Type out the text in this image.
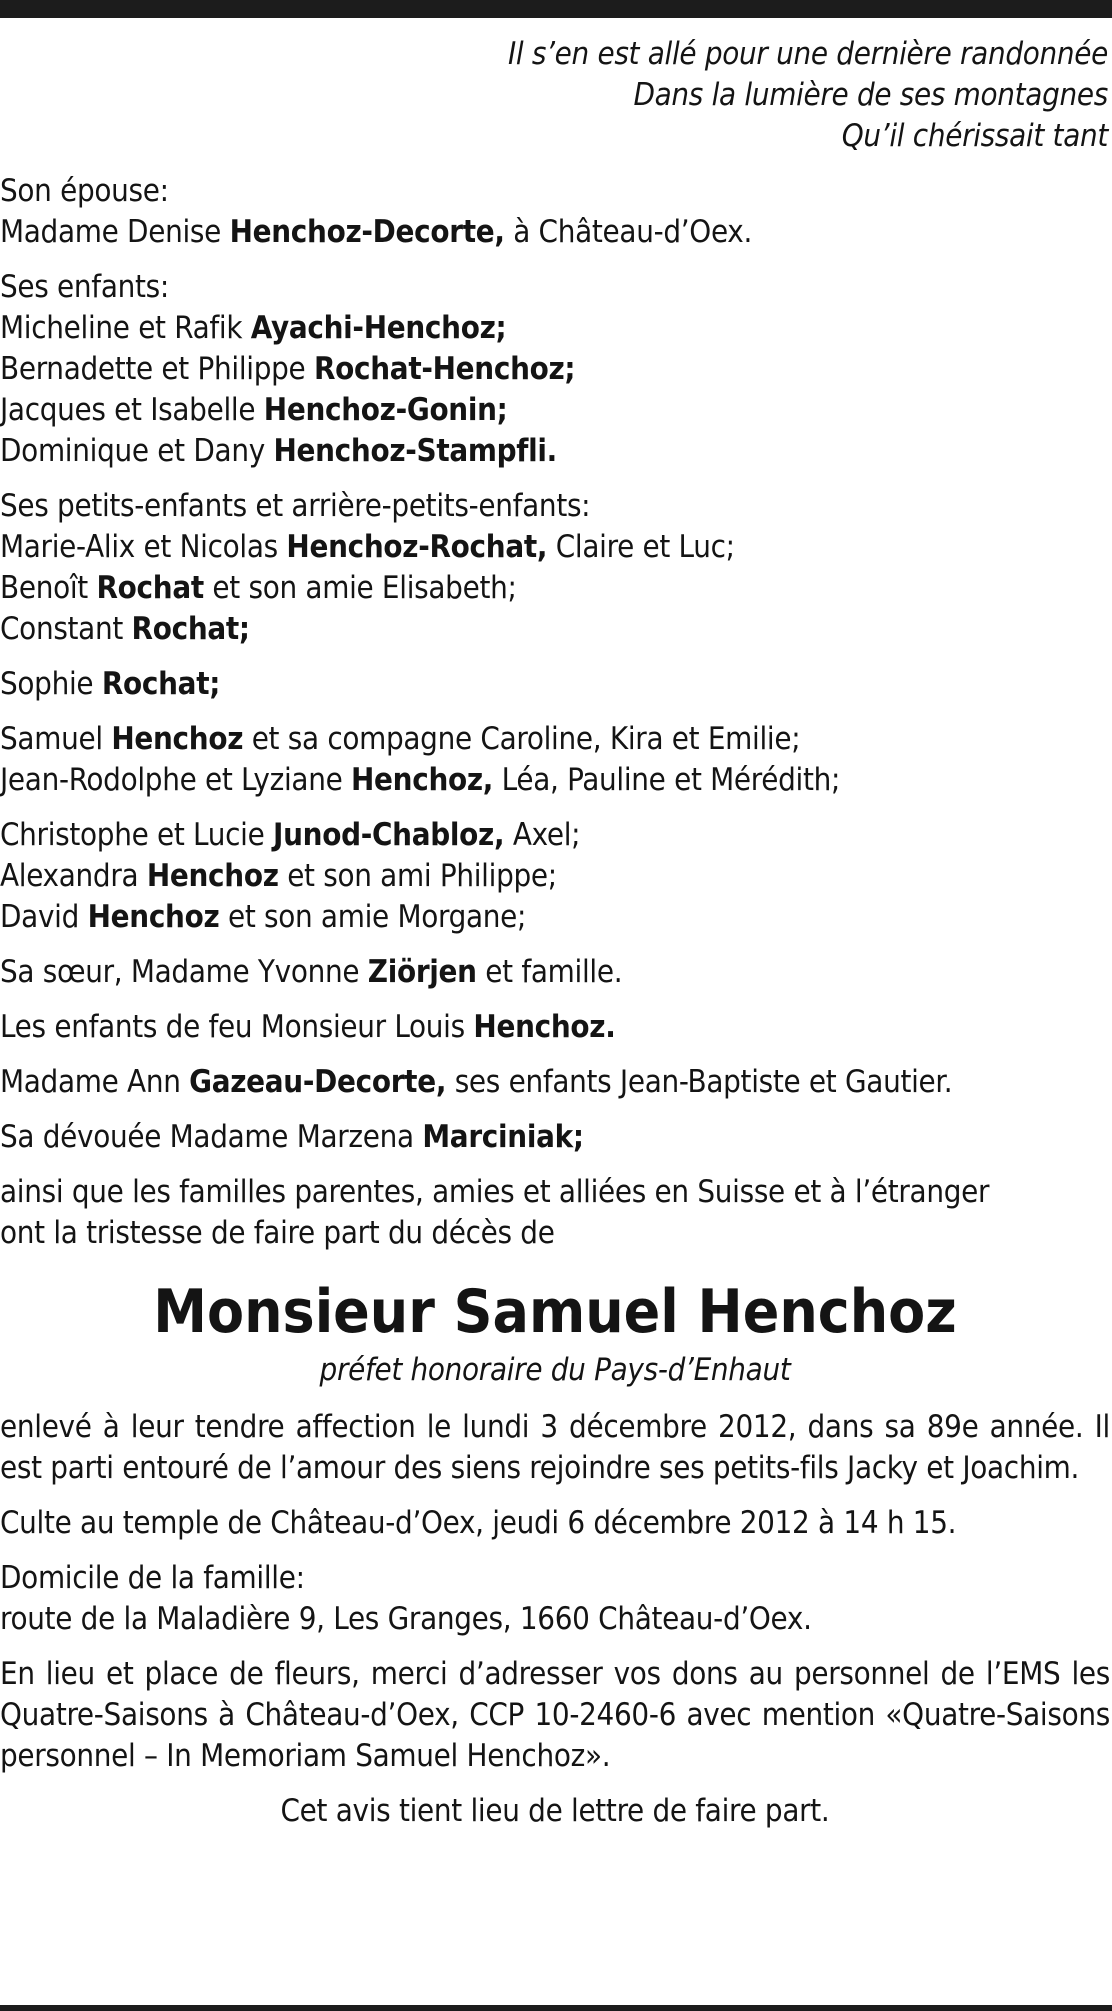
Il s’en est allé pour une dernière randonnée
Dans la lumière de ses montagnes
Qu’il chérissait tant
Son épouse:
Madame Denise Henchoz-Decorte, à Château-d’Oex.
Ses enfants:
Micheline et Rafik Ayachi-Henchoz;
Bernadette et Philippe Rochat-Henchoz;
Jacques et Isabelle Henchoz-Gonin;
Dominique et Dany Henchoz-Stampfli.
Ses petits-enfants et arrière-petits-enfants:
Marie-Alix et Nicolas Henchoz-Rochat, Claire et Luc;
Benoît Rochat et son amie Elisabeth;
Constant Rochat;
Sophie Rochat;
Samuel Henchoz et sa compagne Caroline, Kira et Emilie;
Jean-Rodolphe et Lyziane Henchoz, Léa, Pauline et Mérédith;
Christophe et Lucie Junod-Chabloz, Axel;
Alexandra Henchoz et son ami Philippe;
David Henchoz et son amie Morgane;
Sa sœur, Madame Yvonne Ziörjen et famille.
Les enfants de feu Monsieur Louis Henchoz.
Madame Ann Gazeau-Decorte, ses enfants Jean-Baptiste et Gautier.
Sa dévouée Madame Marzena Marciniak;
ainsi que les familles parentes, amies et alliées en Suisse et à l’étranger
ont la tristesse de faire part du décès de
Monsieur Samuel Henchoz
préfet honoraire du Pays-d’Enhaut
enlevé à leur tendre affection le lundi 3 décembre 2012, dans sa 89e année. Il est parti entouré de l’amour des siens rejoindre ses petits-fils Jacky et Joachim.
Culte au temple de Château-d’Oex, jeudi 6 décembre 2012 à 14 h 15.
Domicile de la famille:
route de la Maladière 9, Les Granges, 1660 Château-d’Oex.
En lieu et place de fleurs, merci d’adresser vos dons au personnel de l’EMS les Quatre-Saisons à Château-d’Oex, CCP 10-2460-6 avec mention «Quatre-Saisons personnel – In Memoriam Samuel Henchoz».
Cet avis tient lieu de lettre de faire part.
